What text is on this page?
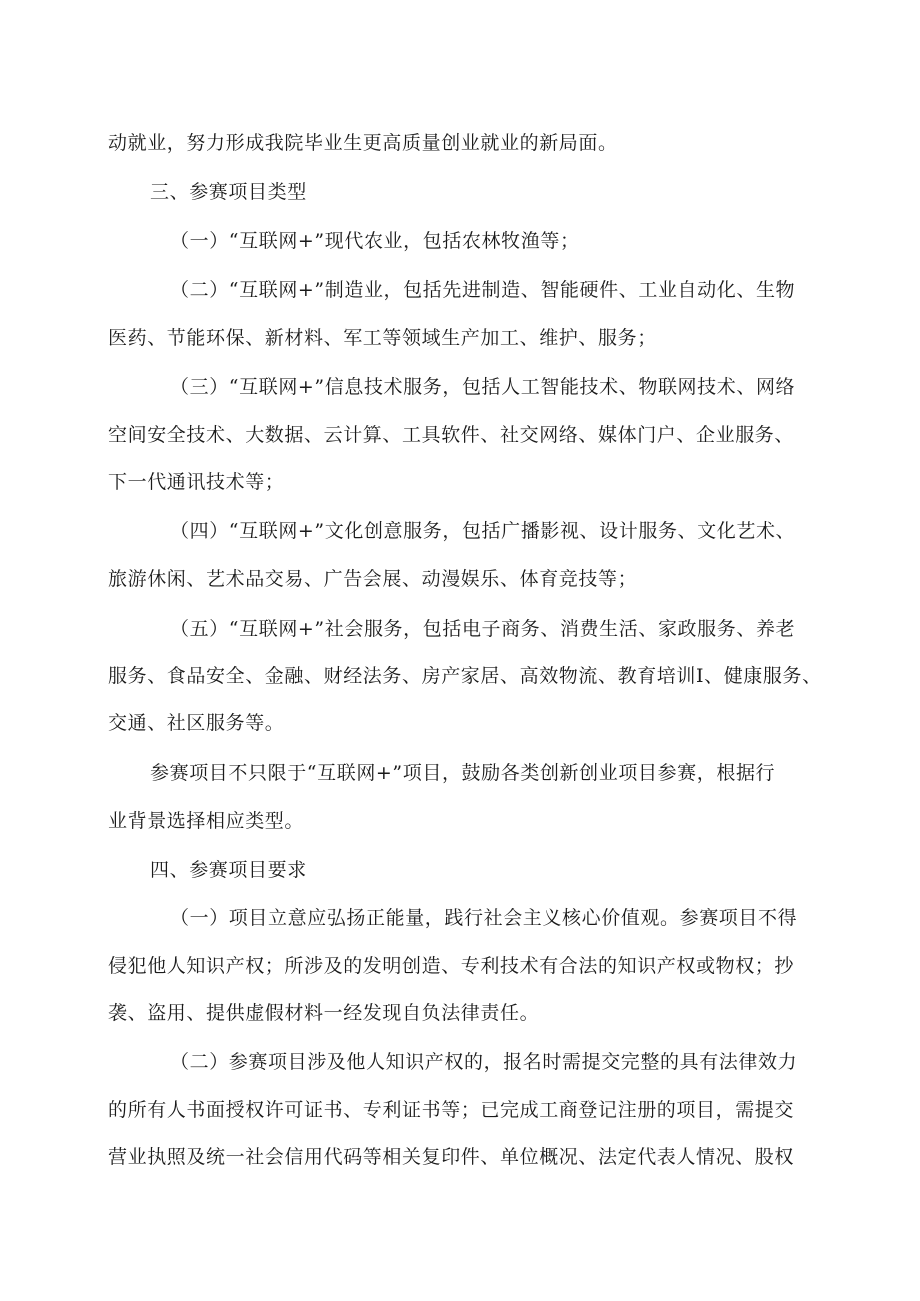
动就业，努力形成我院毕业生更高质量创业就业的新局面。
三、参赛项目类型
（一）“互联网+”现代农业，包括农林牧渔等；
（二）“互联网+”制造业，包括先进制造、智能硬件、工业自动化、生物
医药、节能环保、新材料、军工等领域生产加工、维护、服务；
（三）“互联网+”信息技术服务，包括人工智能技术、物联网技术、网络
空间安全技术、大数据、云计算、工具软件、社交网络、媒体门户、企业服务、
下一代通讯技术等；
（四）“互联网+”文化创意服务，包括广播影视、设计服务、文化艺术、
旅游休闲、艺术品交易、广告会展、动漫娱乐、体育竞技等；
（五）“互联网+”社会服务，包括电子商务、消费生活、家政服务、养老
服务、食品安全、金融、财经法务、房产家居、高效物流、教育培训I、健康服务、
交通、社区服务等。
参赛项目不只限于“互联网+”项目，鼓励各类创新创业项目参赛，根据行
业背景选择相应类型。
四、参赛项目要求
（一）项目立意应弘扬正能量，践行社会主义核心价值观。参赛项目不得
侵犯他人知识产权；所涉及的发明创造、专利技术有合法的知识产权或物权；抄
袭、盗用、提供虚假材料一经发现自负法律责任。
（二）参赛项目涉及他人知识产权的，报名时需提交完整的具有法律效力
的所有人书面授权许可证书、专利证书等；已完成工商登记注册的项目，需提交
营业执照及统一社会信用代码等相关复印件、单位概况、法定代表人情况、股权
